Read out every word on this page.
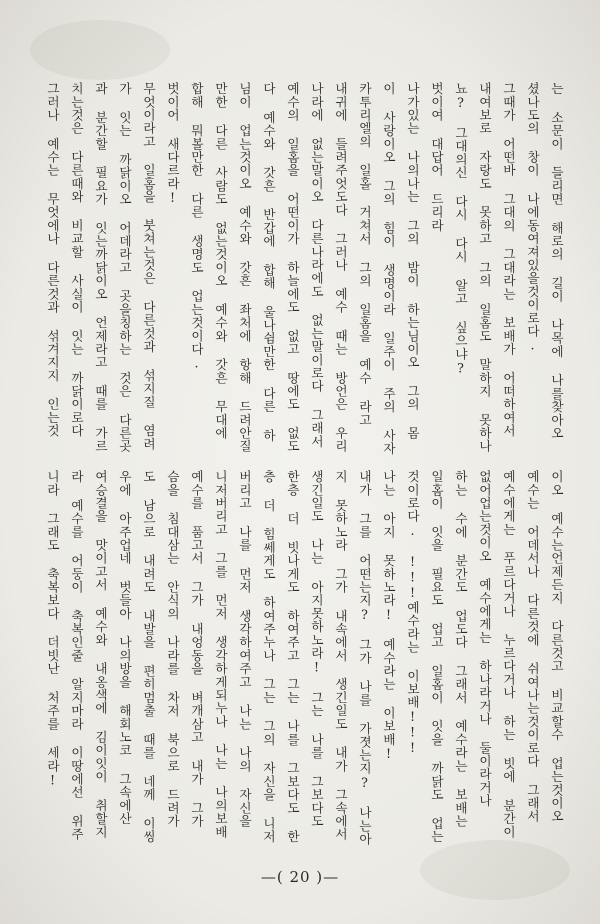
는 소문이 들리면 해로의 길이 나목에 나를찾아오
셨나도의 창이 나에동여져있을것이로다.
그때가 어떤바 그대의 그대라는 보배가 어떠하여서
내여보로 자랑도 못하고 그의 일홈도 말하지 못하나
뇨? 그대의신 다시 다시 알고 싶으냐?
벗이여 대답어 드리라
나가있는 나의나는 그의 밤이 하는님이오 그의 몸
이 사랑이오 그의 힘이 생명이라 일주이 주의 사자
카투리엘의 일홀 거쳐서 그의 일홈을 예수 라고
내귀에 들려주엇도다 그러나 예수 때는 방언은 우리
나라에 없는말이오 다른나라에도 없는말이로다 그래서
예수의 일홈을 어떤이가 하늘에도 없고 땅에도 없도
다 예수와 갓흔 반갑에 합해 울나쉼만한 다른 하
님이 업는것이오 예수와 갓흔 좌처에 항해 드려안질
만한 다른 사람도 없는것이오 예수와 갓흔 무대에
합해 뭐볼만한 다른 생명도 업는것이다.
벗이어 새다르라!
무엇이라고 일홈을 붓쳐는것은 다른것과 섞지질 염려
가 잇는 까닭이오 어데라고 곳을칭하는 것은 다른곳
과 분간할 필요가 잇는까닭이오 언제라고 때를 가르
치는것은 다른때와 비교할 사실이 잇는 까닭이로다
그러나 예수는 무엇에나 다른것과 섞겨지지 인는것
이오 예수는언제든지 다른것고 비교할수 업는것이오
예수는 어데서나 다른것에 쉬여나는것이로다 그래서
예수에게는 푸르다거나 누르다거나 하는 빗에 분간이
없어업는것이오 예수에게는 하나라거나 둘이라거나
하는 수에 분간도 업도다 그래서 예수라는 보배는
일홈이 잇을 필요도 업고 일홈이 잇을 까닭도 업는
것이로다. !!!예수라는 이보배!!!
나는 아지 못하노라! 예수라는 이보배!
내가 그를 어떤는지? 그가 나를 가졋는지? 나는아
지 못하노라 그가 내속에서 생긴일도 내가 그속에서
생긴일도 나는 아지못하노라! 그는 나를 그보다도
한층 더 빗나게도 하여주고 그는 나를 그보다도 한
층 더 힘쎄게도 하여주누나 그는 그의 자신을 니저
버리고 나를 먼저 생각하여주고 나는 나의 자신을
니저버리고 그를 먼저 생각하게되누나 나는 나의보배
예수를 품고서 그가 내엉동을 벼개삼고 내가 그가
슴을 침대삼는 안식의 나라를 차저 북으로 드려가
도 남으로 내려도 내발을 편히멈출 때를 네께 이씽
우에 아주업네 벗들아 나의방을 해회노코 그속에산
여승결을 맛이고서 예수와 내옹색에 김이잇이 취할지
라 예수를 어둥이 축복인줄 알지마라 이땅에선 위주
니라 그래도 축복보다 더빗난 처주를 세라!
—( 20 )—
